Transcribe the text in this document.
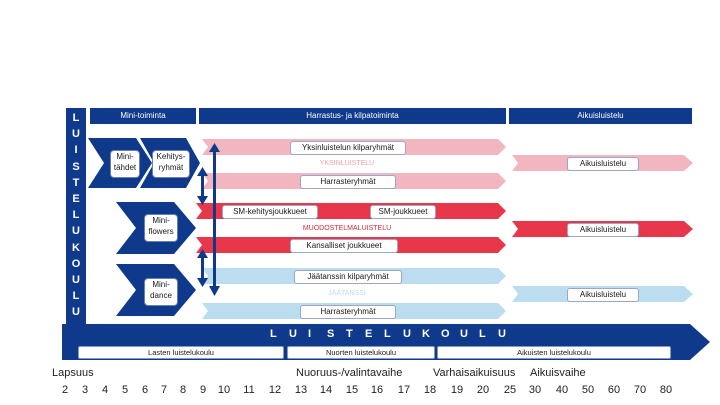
L
U
I
S
T
E
L
U
K
O
U
L
U
Mini-toiminta	Harrastus- ja kilpatoiminta	Aikuisluistelu
Mini-
tähdet
Kehitys-
ryhmät
Mini-
flowers
Mini-
dance
Yksinluistelun kilparyhmät
YKSINLUISTELU
Harrasteryhmät
Aikuisluistelu
SM-kehitysjoukkueet	SM-joukkueet
MUODOSTELMALUISTELU
Kansalliset joukkueet
Aikuisluistelu
Jäätanssin kilparyhmät
JÄÄTANSSI
Harrasteryhmät
Aikuisluistelu
L U I S T E L U K O U L U
Lasten luistelukoulu	Nuorten luistelukoulu	Aikuisten luistelukoulu
Lapsuus	Nuoruus-/valintavaihe	Varhaisaikuisuus Aikuisvaihe
2	3	4	5	6	7	8	9	10	11	12	13	14	15	16	17	18	19	20	25	30	40	50	60	70	80
